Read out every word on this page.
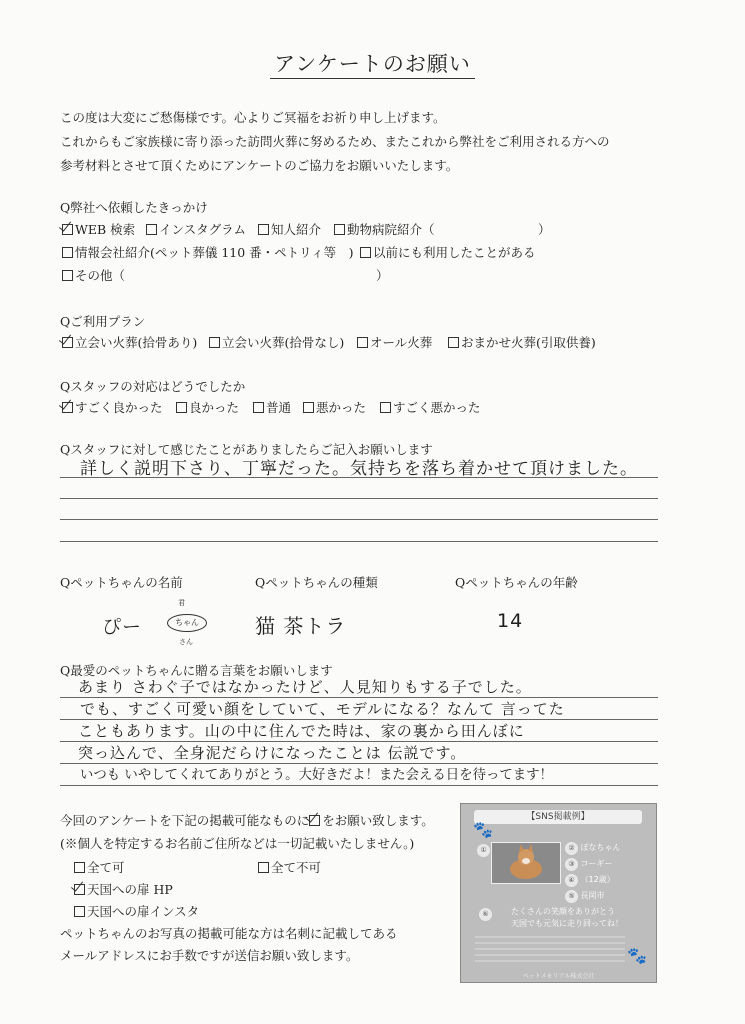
アンケートのお願い
この度は大変にご愁傷様です。心よりご冥福をお祈り申し上げます。
これからもご家族様に寄り添った訪問火葬に努めるため、またこれから弊社をご利用される方への
参考材料とさせて頂くためにアンケートのご協力をお願いいたします。
Q弊社へ依頼したきっかけ
WEB 検索	インスタグラム	知人紹介	動物病院紹介（	）
情報会社紹介(ペット葬儀 110 番・ペトリィ等　)	以前にも利用したことがある
その他（	）
Qご利用プラン
立会い火葬(拾骨あり)	立会い火葬(拾骨なし)	オール火葬	おまかせ火葬(引取供養)
Qスタッフの対応はどうでしたか
すごく良かった	良かった	普通	悪かった	すごく悪かった
Qスタッフに対して感じたことがありましたらご記入お願いします
詳しく説明下さり、丁寧だった。気持ちを落ち着かせて頂けました。
Qペットちゃんの名前	Qペットちゃんの種類	Qペットちゃんの年齢
ぴー
君
ちゃん
さん
猫 茶トラ	14
Q最愛のペットちゃんに贈る言葉をお願いします
あまり さわぐ子ではなかったけど、人見知りもする子でした。
でも、すごく可愛い顔をしていて、モデルになる？なんて 言ってた
こともあります。山の中に住んでた時は、家の裏から田んぼに
突っ込んで、全身泥だらけになったことは 伝説です。
いつも いやしてくれてありがとう。大好きだよ！また会える日を待ってます！
今回のアンケートを下記の掲載可能なものに をお願い致します。
(※個人を特定するお名前ご住所などは一切記載いたしません。)
全て可	全て不可
天国への扉 HP
天国への扉インスタ
ペットちゃんのお写真の掲載可能な方は名刺に記載してある
メールアドレスにお手数ですが送信お願い致します。
【SNS掲載例】
🐾
①	② ぽなちゃん
③ コーギー
④ （12歳）
⑤ 長岡市
⑥	たくさんの笑顔をありがとう
天国でも元気に走り回ってね！
🐾
ペットメモリアル株式会社
